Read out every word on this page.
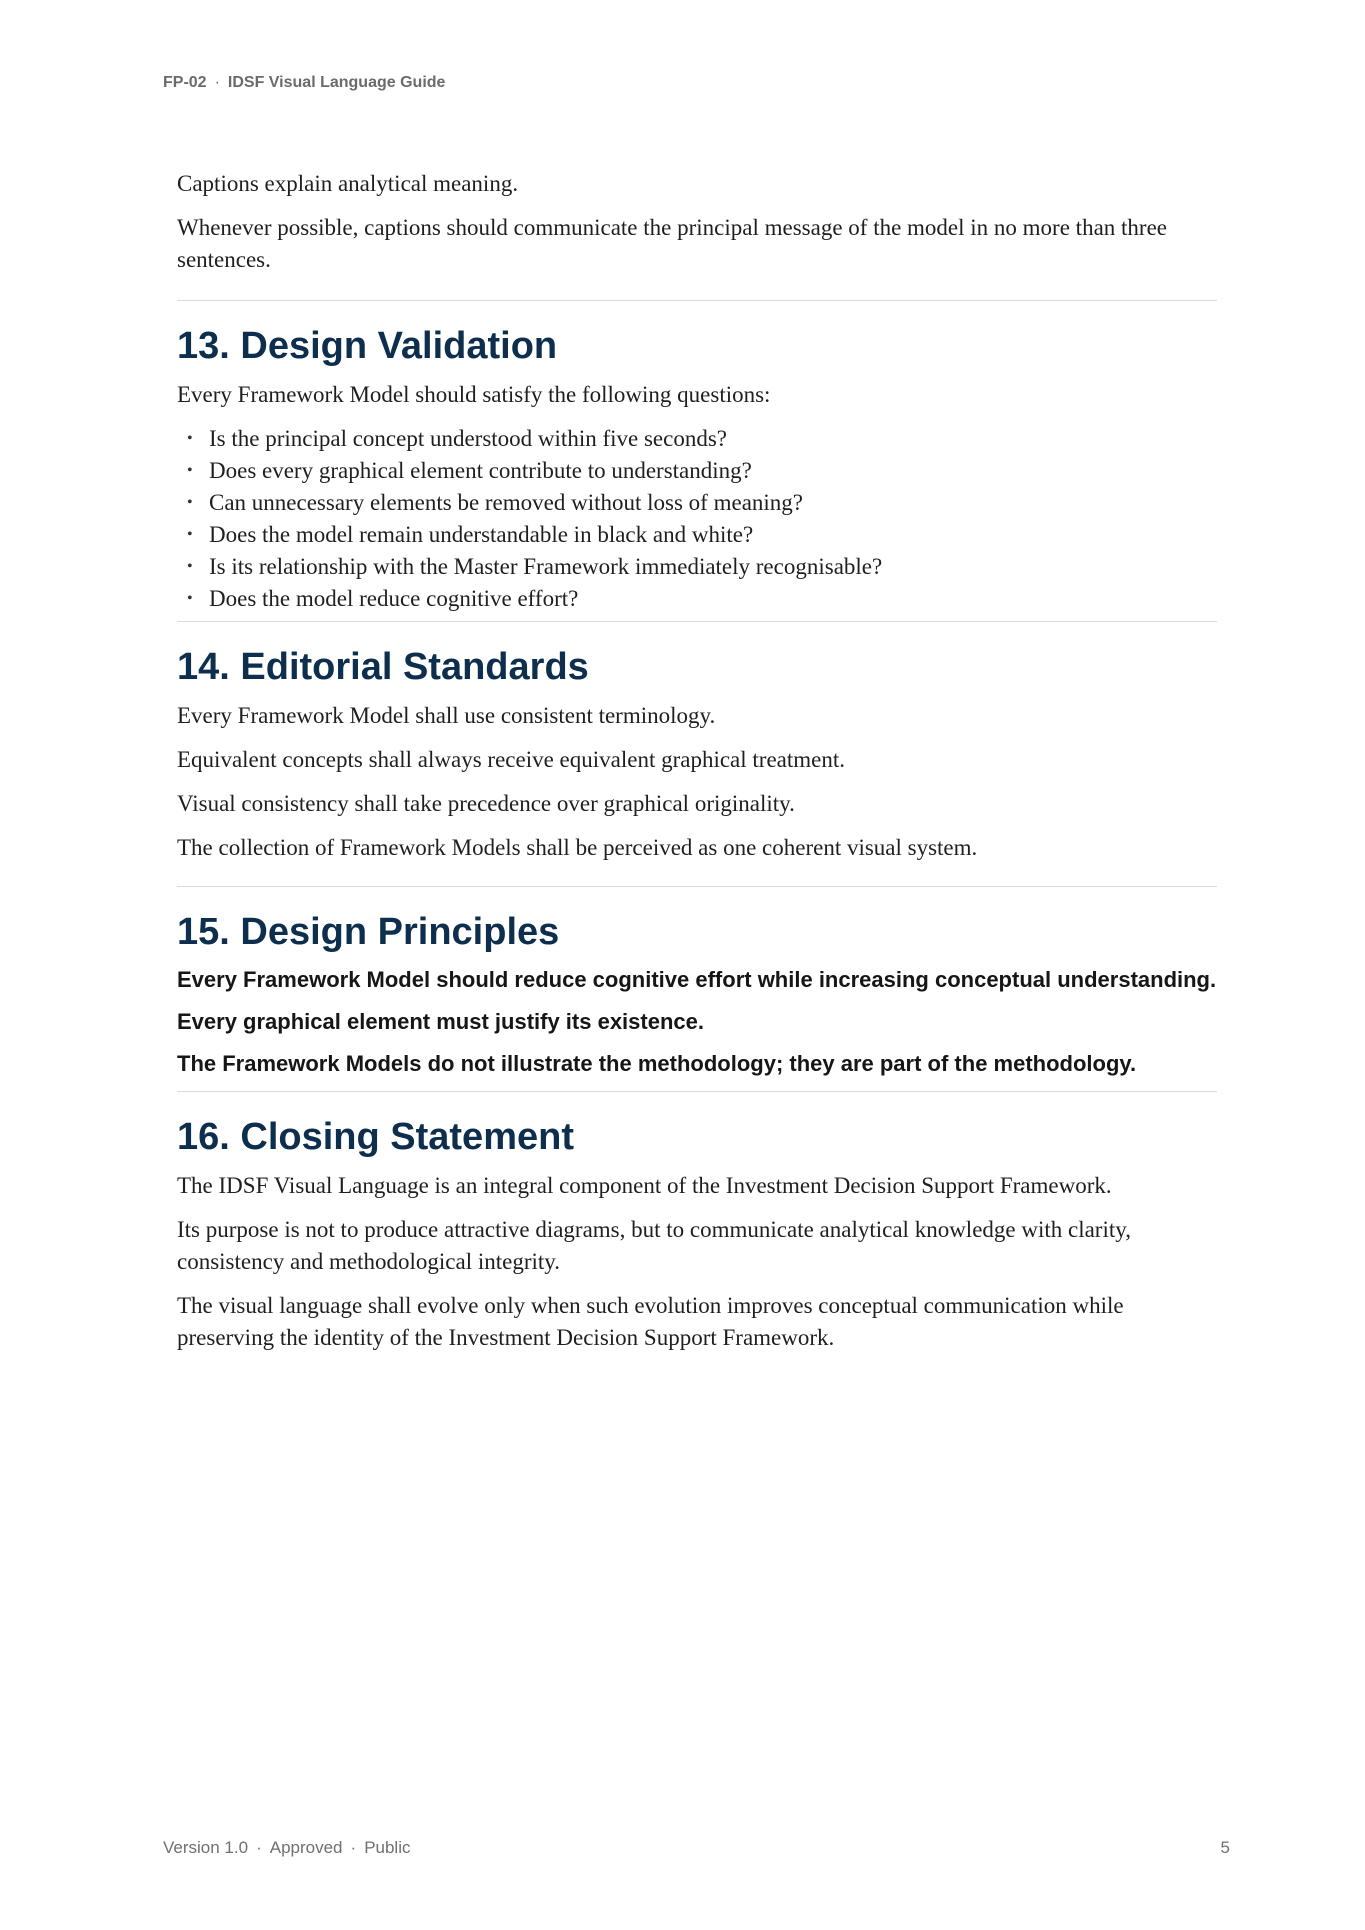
FP-02 · IDSF Visual Language Guide

Captions explain analytical meaning.

Whenever possible, captions should communicate the principal message of the model in no more than three sentences.

13. Design Validation

Every Framework Model should satisfy the following questions:

• Is the principal concept understood within five seconds?
• Does every graphical element contribute to understanding?
• Can unnecessary elements be removed without loss of meaning?
• Does the model remain understandable in black and white?
• Is its relationship with the Master Framework immediately recognisable?
• Does the model reduce cognitive effort?
14. Editorial Standards

Every Framework Model shall use consistent terminology.

Equivalent concepts shall always receive equivalent graphical treatment.

Visual consistency shall take precedence over graphical originality.

The collection of Framework Models shall be perceived as one coherent visual system.

15. Design Principles

Every Framework Model should reduce cognitive effort while increasing conceptual understanding.

Every graphical element must justify its existence.

The Framework Models do not illustrate the methodology; they are part of the methodology.

16. Closing Statement

The IDSF Visual Language is an integral component of the Investment Decision Support Framework.

Its purpose is not to produce attractive diagrams, but to communicate analytical knowledge with clarity, consistency and methodological integrity.

The visual language shall evolve only when such evolution improves conceptual communication while preserving the identity of the Investment Decision Support Framework.

Version 1.0 · Approved · Public	5
